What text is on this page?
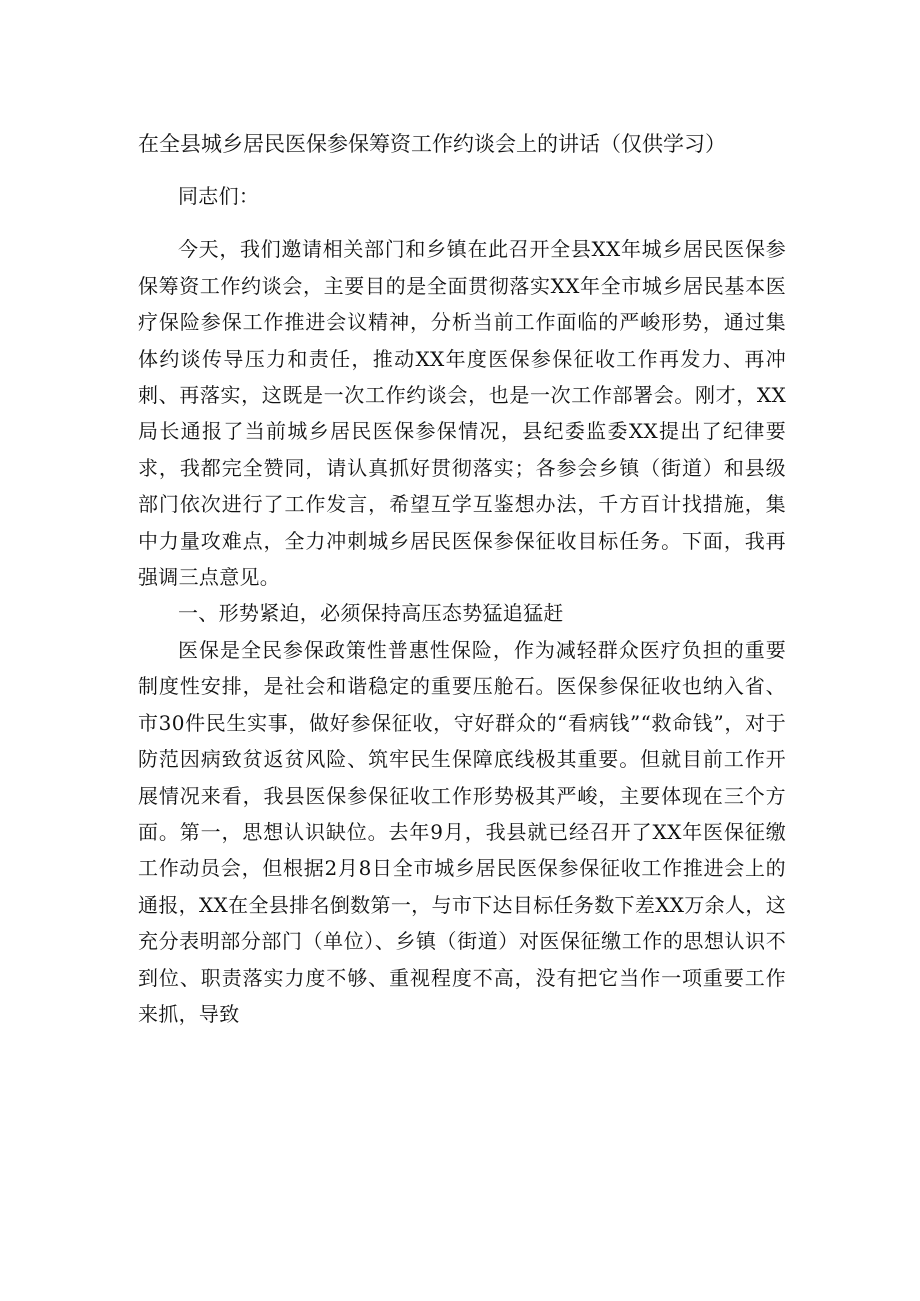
在全县城乡居民医保参保筹资工作约谈会上的讲话（仅供学习）

同志们：

今天，我们邀请相关部门和乡镇在此召开全县XX年城乡居民医保参保筹资工作约谈会，主要目的是全面贯彻落实XX年全市城乡居民基本医疗保险参保工作推进会议精神，分析当前工作面临的严峻形势，通过集体约谈传导压力和责任，推动XX年度医保参保征收工作再发力、再冲刺、再落实，这既是一次工作约谈会，也是一次工作部署会。刚才，XX局长通报了当前城乡居民医保参保情况，县纪委监委XX提出了纪律要求，我都完全赞同，请认真抓好贯彻落实；各参会乡镇（街道）和县级部门依次进行了工作发言，希望互学互鉴想办法，千方百计找措施，集中力量攻难点，全力冲刺城乡居民医保参保征收目标任务。下面，我再强调三点意见。

一、形势紧迫，必须保持高压态势猛追猛赶

医保是全民参保政策性普惠性保险，作为减轻群众医疗负担的重要制度性安排，是社会和谐稳定的重要压舱石。医保参保征收也纳入省、市30件民生实事，做好参保征收，守好群众的“看病钱”“救命钱”，对于防范因病致贫返贫风险、筑牢民生保障底线极其重要。但就目前工作开展情况来看，我县医保参保征收工作形势极其严峻，主要体现在三个方面。第一，思想认识缺位。去年9月，我县就已经召开了XX年医保征缴工作动员会，但根据2月8日全市城乡居民医保参保征收工作推进会上的通报，XX在全县排名倒数第一，与市下达目标任务数下差XX万余人，这充分表明部分部门（单位）、乡镇（街道）对医保征缴工作的思想认识不到位、职责落实力度不够、重视程度不高，没有把它当作一项重要工作来抓，导致
